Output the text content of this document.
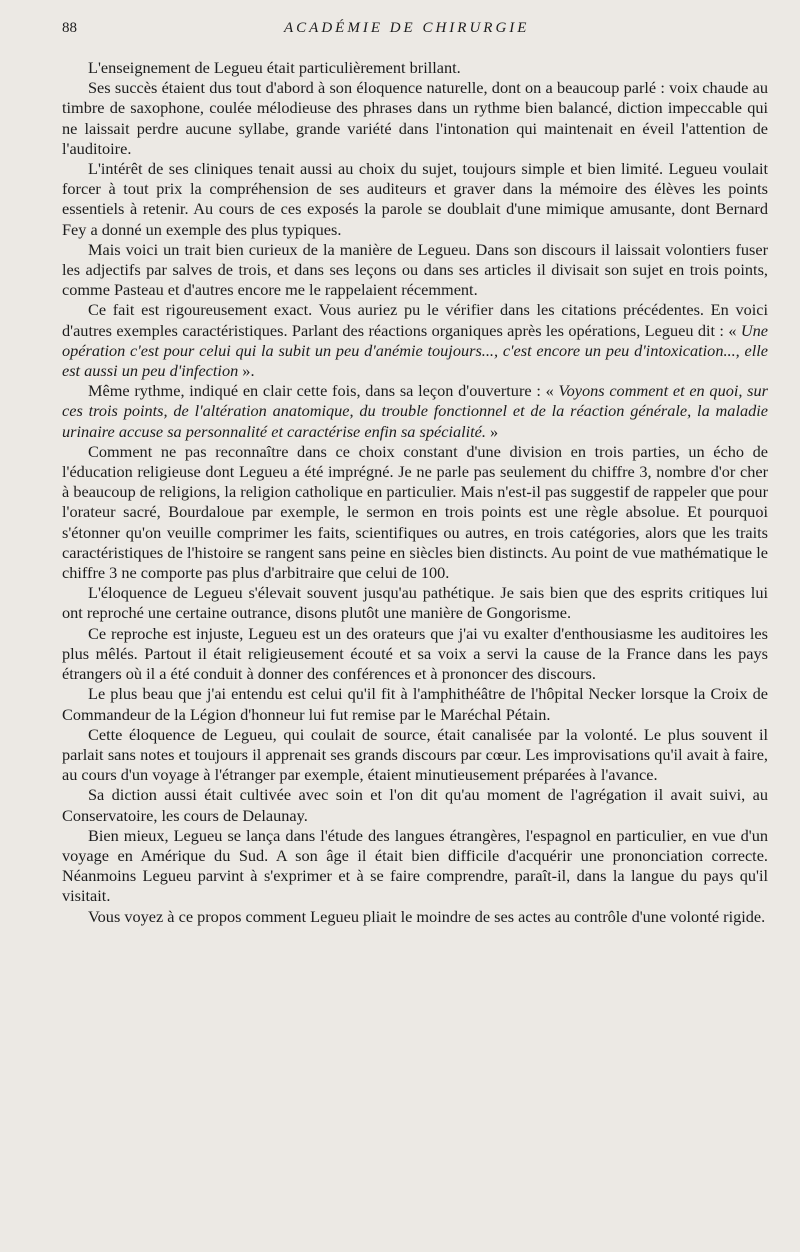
88	ACADÉMIE DE CHIRURGIE

L'enseignement de Legueu était particulièrement brillant.

Ses succès étaient dus tout d'abord à son éloquence naturelle, dont on a beaucoup parlé : voix chaude au timbre de saxophone, coulée mélodieuse des phrases dans un rythme bien balancé, diction impeccable qui ne laissait perdre aucune syllabe, grande variété dans l'intonation qui maintenait en éveil l'attention de l'auditoire.

L'intérêt de ses cliniques tenait aussi au choix du sujet, toujours simple et bien limité. Legueu voulait forcer à tout prix la compréhension de ses auditeurs et graver dans la mémoire des élèves les points essentiels à retenir. Au cours de ces exposés la parole se doublait d'une mimique amusante, dont Bernard Fey a donné un exemple des plus typiques.

Mais voici un trait bien curieux de la manière de Legueu. Dans son discours il laissait volontiers fuser les adjectifs par salves de trois, et dans ses leçons ou dans ses articles il divisait son sujet en trois points, comme Pasteau et d'autres encore me le rappelaient récemment.

Ce fait est rigoureusement exact. Vous auriez pu le vérifier dans les citations précédentes. En voici d'autres exemples caractéristiques. Parlant des réactions organiques après les opérations, Legueu dit : « Une opération c'est pour celui qui la subit un peu d'anémie toujours..., c'est encore un peu d'intoxication..., elle est aussi un peu d'infection ».

Même rythme, indiqué en clair cette fois, dans sa leçon d'ouverture : « Voyons comment et en quoi, sur ces trois points, de l'altération anatomique, du trouble fonctionnel et de la réaction générale, la maladie urinaire accuse sa personnalité et caractérise enfin sa spécialité. »

Comment ne pas reconnaître dans ce choix constant d'une division en trois parties, un écho de l'éducation religieuse dont Legueu a été imprégné. Je ne parle pas seulement du chiffre 3, nombre d'or cher à beaucoup de religions, la religion catholique en particulier. Mais n'est-il pas suggestif de rappeler que pour l'orateur sacré, Bourdaloue par exemple, le sermon en trois points est une règle absolue. Et pourquoi s'étonner qu'on veuille comprimer les faits, scientifiques ou autres, en trois catégories, alors que les traits caractéristiques de l'histoire se rangent sans peine en siècles bien distincts. Au point de vue mathématique le chiffre 3 ne comporte pas plus d'arbitraire que celui de 100.

L'éloquence de Legueu s'élevait souvent jusqu'au pathétique. Je sais bien que des esprits critiques lui ont reproché une certaine outrance, disons plutôt une manière de Gongorisme.

Ce reproche est injuste, Legueu est un des orateurs que j'ai vu exalter d'enthousiasme les auditoires les plus mêlés. Partout il était religieusement écouté et sa voix a servi la cause de la France dans les pays étrangers où il a été conduit à donner des conférences et à prononcer des discours.

Le plus beau que j'ai entendu est celui qu'il fit à l'amphithéâtre de l'hôpital Necker lorsque la Croix de Commandeur de la Légion d'honneur lui fut remise par le Maréchal Pétain.

Cette éloquence de Legueu, qui coulait de source, était canalisée par la volonté. Le plus souvent il parlait sans notes et toujours il apprenait ses grands discours par cœur. Les improvisations qu'il avait à faire, au cours d'un voyage à l'étranger par exemple, étaient minutieusement préparées à l'avance.

Sa diction aussi était cultivée avec soin et l'on dit qu'au moment de l'agrégation il avait suivi, au Conservatoire, les cours de Delaunay.

Bien mieux, Legueu se lança dans l'étude des langues étrangères, l'espagnol en particulier, en vue d'un voyage en Amérique du Sud. A son âge il était bien difficile d'acquérir une prononciation correcte. Néanmoins Legueu parvint à s'exprimer et à se faire comprendre, paraît-il, dans la langue du pays qu'il visitait.

Vous voyez à ce propos comment Legueu pliait le moindre de ses actes au contrôle d'une volonté rigide.
